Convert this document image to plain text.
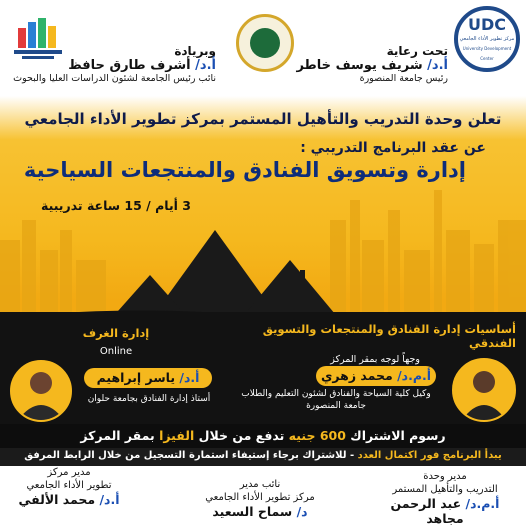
UDC
مركز تطوير الأداء الجامعي
University Development Center
تحت رعاية
أ.د/ شريف يوسف خاطر
رئيس جامعة المنصورة
وبريادة
أ.د/ أشرف طارق حافظ
نائب رئيس الجامعة لشئون الدراسات العليا والبحوث
تعلن وحدة التدريب والتأهيل المستمر بمركز تطوير الأداء الجامعي
عن عقد البرنامج التدريبي :
إدارة وتسويق الفنادق والمنتجعات السياحية
3 أيام / 15 ساعة تدريبية
أساسيات إدارة الفنادق والمنتجعات والتسويق الفندقي
وجهاً لوجه بمقر المركز
إدارة الغرف
Online
أ.م.د/ محمد زهري
وكيل كلية السياحة والفنادق لشئون التعليم والطلاب
جامعة المنصورة
أ.د/ ياسر إبراهيم
أستاذ إدارة الفنادق بجامعة حلوان
رسوم الاشتراك 600 جنيه تدفع من خلال الفيزا بمقر المركز
يبدأ البرنامج فور اكتمال العدد - للاشتراك برجاء إستيفاء استمارة التسجيل من خلال الرابط المرفق
مدير وحدة
التدريب والتأهيل المستمر
أ.م.د/ عبد الرحمن مجاهد
نائب مدير
مركز تطوير الأداء الجامعي
د/ سماح السعيد
مدير مركز
تطوير الأداء الجامعي
أ.د/ محمد الألفي
